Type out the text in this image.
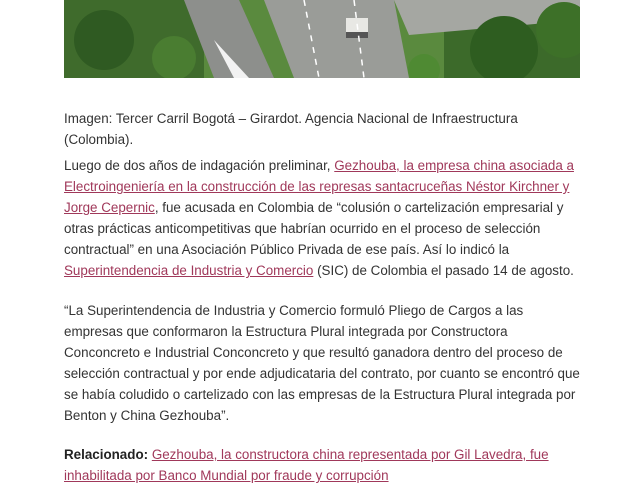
Imagen: Tercer Carril Bogotá – Girardot. Agencia Nacional de Infraestructura (Colombia).

Luego de dos años de indagación preliminar, Gezhouba, la empresa china asociada a Electroingeniería en la construcción de las represas santacruceñas Néstor Kirchner y Jorge Cepernic, fue acusada en Colombia de “colusión o cartelización empresarial y otras prácticas anticompetitivas que habrían ocurrido en el proceso de selección contractual” en una Asociación Público Privada de ese país. Así lo indicó la Superintendencia de Industria y Comercio (SIC) de Colombia el pasado 14 de agosto.

“La Superintendencia de Industria y Comercio formuló Pliego de Cargos a las empresas que conformaron la Estructura Plural integrada por Constructora Conconcreto e Industrial Conconcreto y que resultó ganadora dentro del proceso de selección contractual y por ende adjudicataria del contrato, por cuanto se encontró que se había coludido o cartelizado con las empresas de la Estructura Plural integrada por Benton y China Gezhouba”.

Relacionado: Gezhouba, la constructora china representada por Gil Lavedra, fue inhabilitada por Banco Mundial por fraude y corrupción
